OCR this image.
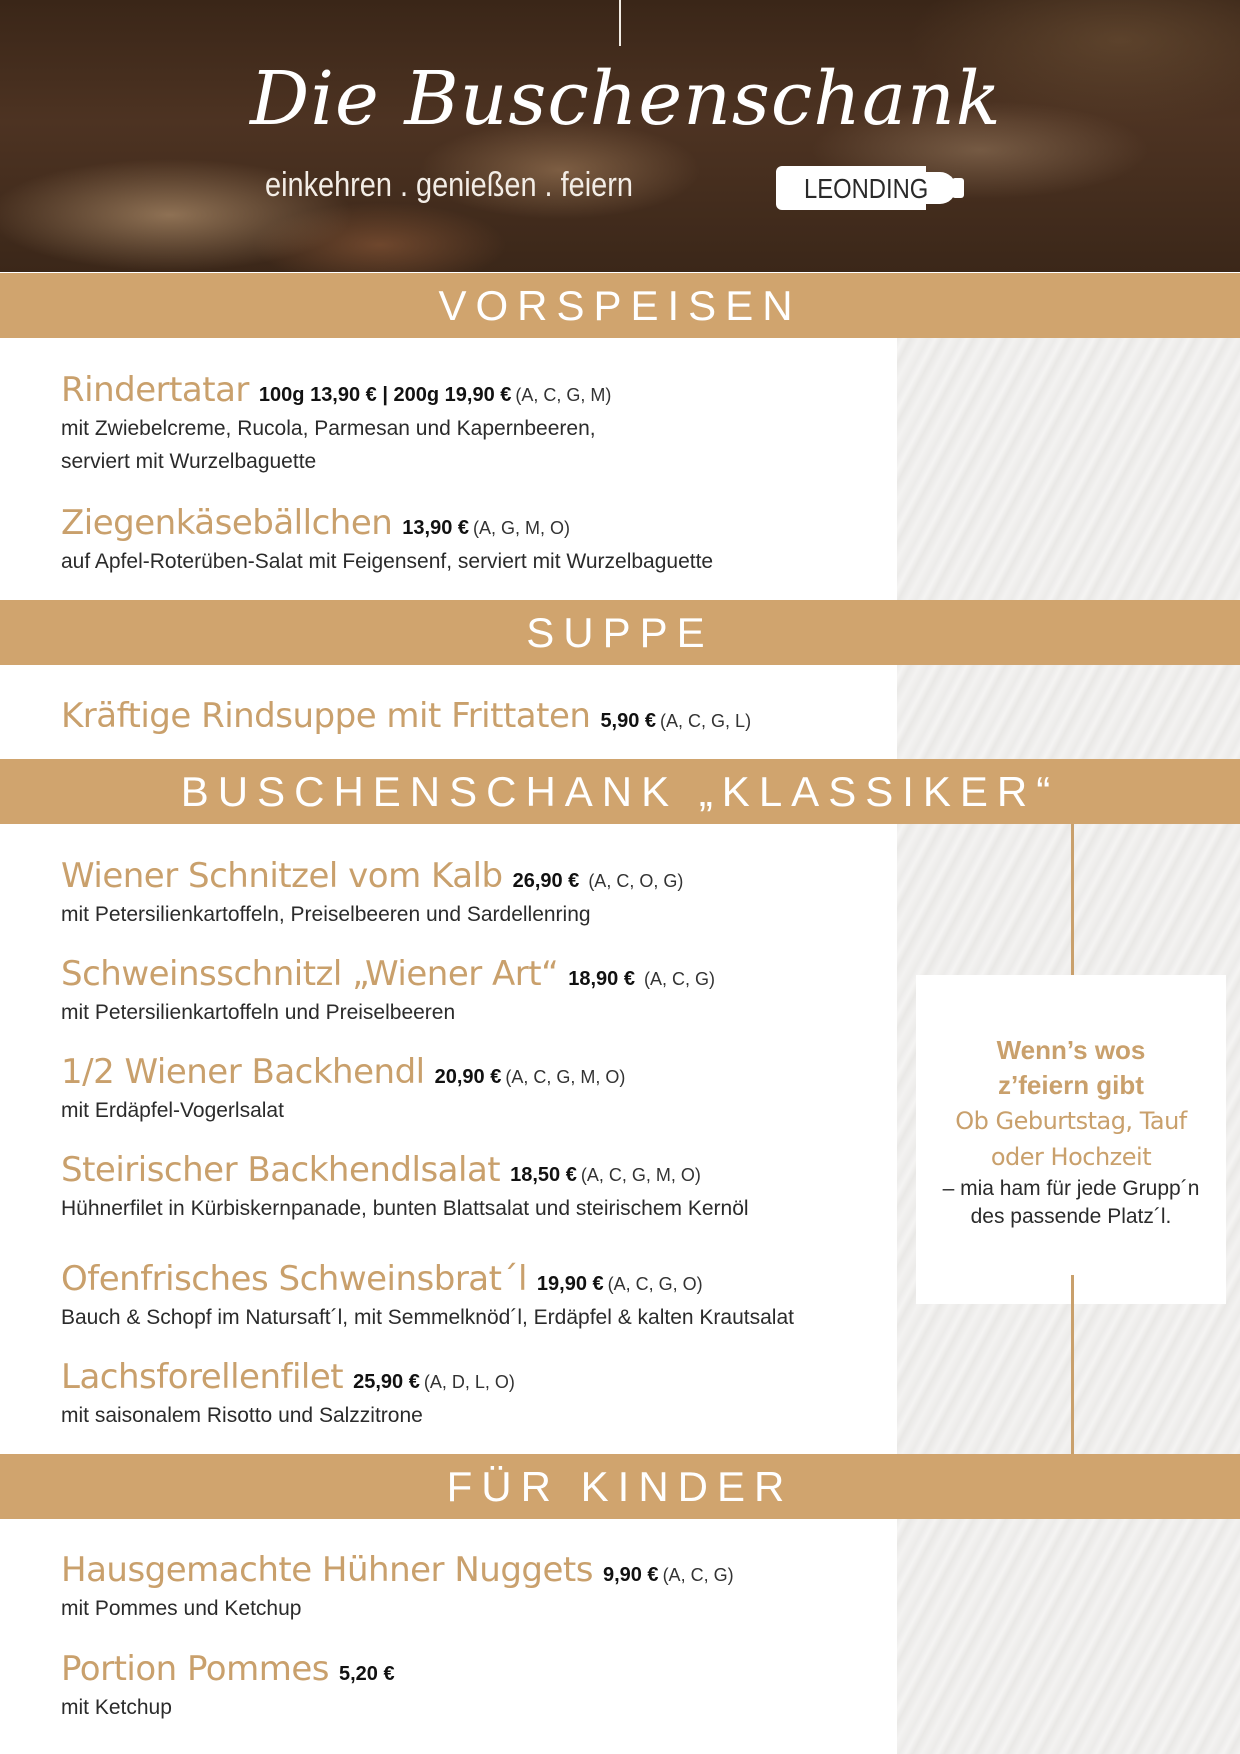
Die Buschenschank
einkehren . genießen . feiern	LEONDING
VORSPEISEN
Rindertatar 100g 13,90 € | 200g 19,90 € (A, C, G, M)
mit Zwiebelcreme, Rucola, Parmesan und Kapernbeeren,
serviert mit Wurzelbaguette
Ziegenkäsebällchen 13,90 € (A, G, M, O)
auf Apfel-Roterüben-Salat mit Feigensenf, serviert mit Wurzelbaguette
SUPPE
Kräftige Rindsuppe mit Frittaten 5,90 € (A, C, G, L)
BUSCHENSCHANK „KLASSIKER“
Wiener Schnitzel vom Kalb 26,90 € (A, C, O, G)
mit Petersilienkartoffeln, Preiselbeeren und Sardellenring
Schweinsschnitzl „Wiener Art“ 18,90 € (A, C, G)
mit Petersilienkartoffeln und Preiselbeeren
1/2 Wiener Backhendl 20,90 € (A, C, G, M, O)
mit Erdäpfel-Vogerlsalat
Steirischer Backhendlsalat 18,50 € (A, C, G, M, O)
Hühnerfilet in Kürbiskernpanade, bunten Blattsalat und steirischem Kernöl
Ofenfrisches Schweinsbrat´l 19,90 € (A, C, G, O)
Bauch & Schopf im Natursaft´l, mit Semmelknöd´l, Erdäpfel & kalten Krautsalat
Lachsforellenfilet 25,90 € (A, D, L, O)
mit saisonalem Risotto und Salzzitrone
Wenn’s wos
z’feiern gibt
Ob Geburtstag, Tauf
oder Hochzeit
– mia ham für jede Grupp´n
des passende Platz´l.
FÜR KINDER
Hausgemachte Hühner Nuggets 9,90 € (A, C, G)
mit Pommes und Ketchup
Portion Pommes 5,20 €
mit Ketchup
